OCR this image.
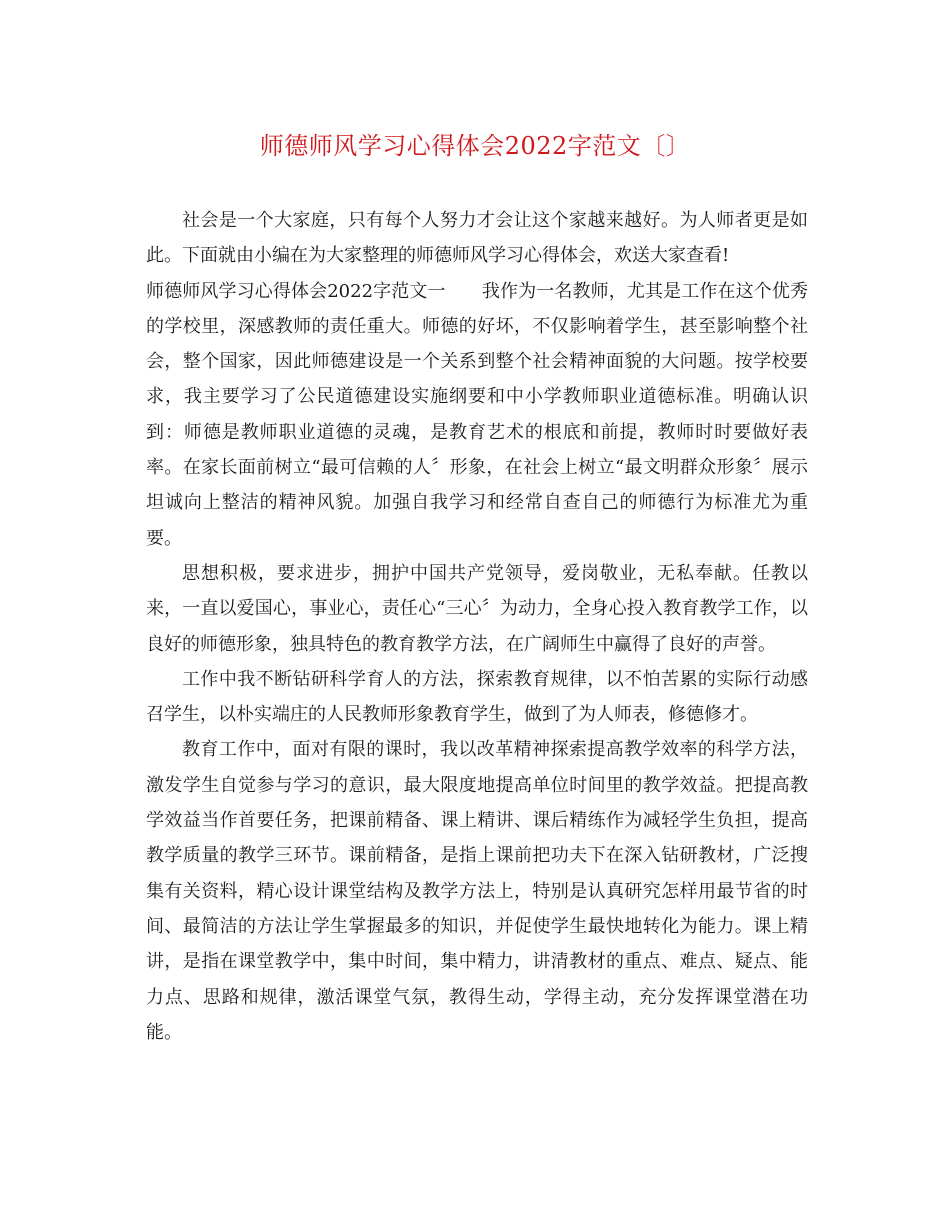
师德师风学习心得体会2022字范文〔〕

社会是一个大家庭，只有每个人努力才会让这个家越来越好。为人师者更是如此。下面就由小编在为大家整理的师德师风学习心得体会，欢送大家查看!

师德师风学习心得体会2022字范文一　　我作为一名教师，尤其是工作在这个优秀的学校里，深感教师的责任重大。师德的好坏，不仅影响着学生，甚至影响整个社会，整个国家，因此师德建设是一个关系到整个社会精神面貌的大问题。按学校要求，我主要学习了公民道德建设实施纲要和中小学教师职业道德标准。明确认识到：师德是教师职业道德的灵魂，是教育艺术的根底和前提，教师时时要做好表率。在家长面前树立“最可信赖的人〞形象，在社会上树立“最文明群众形象〞展示坦诚向上整洁的精神风貌。加强自我学习和经常自查自己的师德行为标准尤为重要。

思想积极，要求进步，拥护中国共产党领导，爱岗敬业，无私奉献。任教以来，一直以爱国心，事业心，责任心“三心〞为动力，全身心投入教育教学工作，以良好的师德形象，独具特色的教育教学方法，在广阔师生中赢得了良好的声誉。

工作中我不断钻研科学育人的方法，探索教育规律，以不怕苦累的实际行动感召学生，以朴实端庄的人民教师形象教育学生，做到了为人师表，修德修才。

教育工作中，面对有限的课时，我以改革精神探索提高教学效率的科学方法，激发学生自觉参与学习的意识，最大限度地提高单位时间里的教学效益。把提高教学效益当作首要任务，把课前精备、课上精讲、课后精练作为减轻学生负担，提高教学质量的教学三环节。课前精备，是指上课前把功夫下在深入钻研教材，广泛搜集有关资料，精心设计课堂结构及教学方法上，特别是认真研究怎样用最节省的时间、最简洁的方法让学生掌握最多的知识，并促使学生最快地转化为能力。课上精讲，是指在课堂教学中，集中时间，集中精力，讲清教材的重点、难点、疑点、能力点、思路和规律，激活课堂气氛，教得生动，学得主动，充分发挥课堂潜在功能。
